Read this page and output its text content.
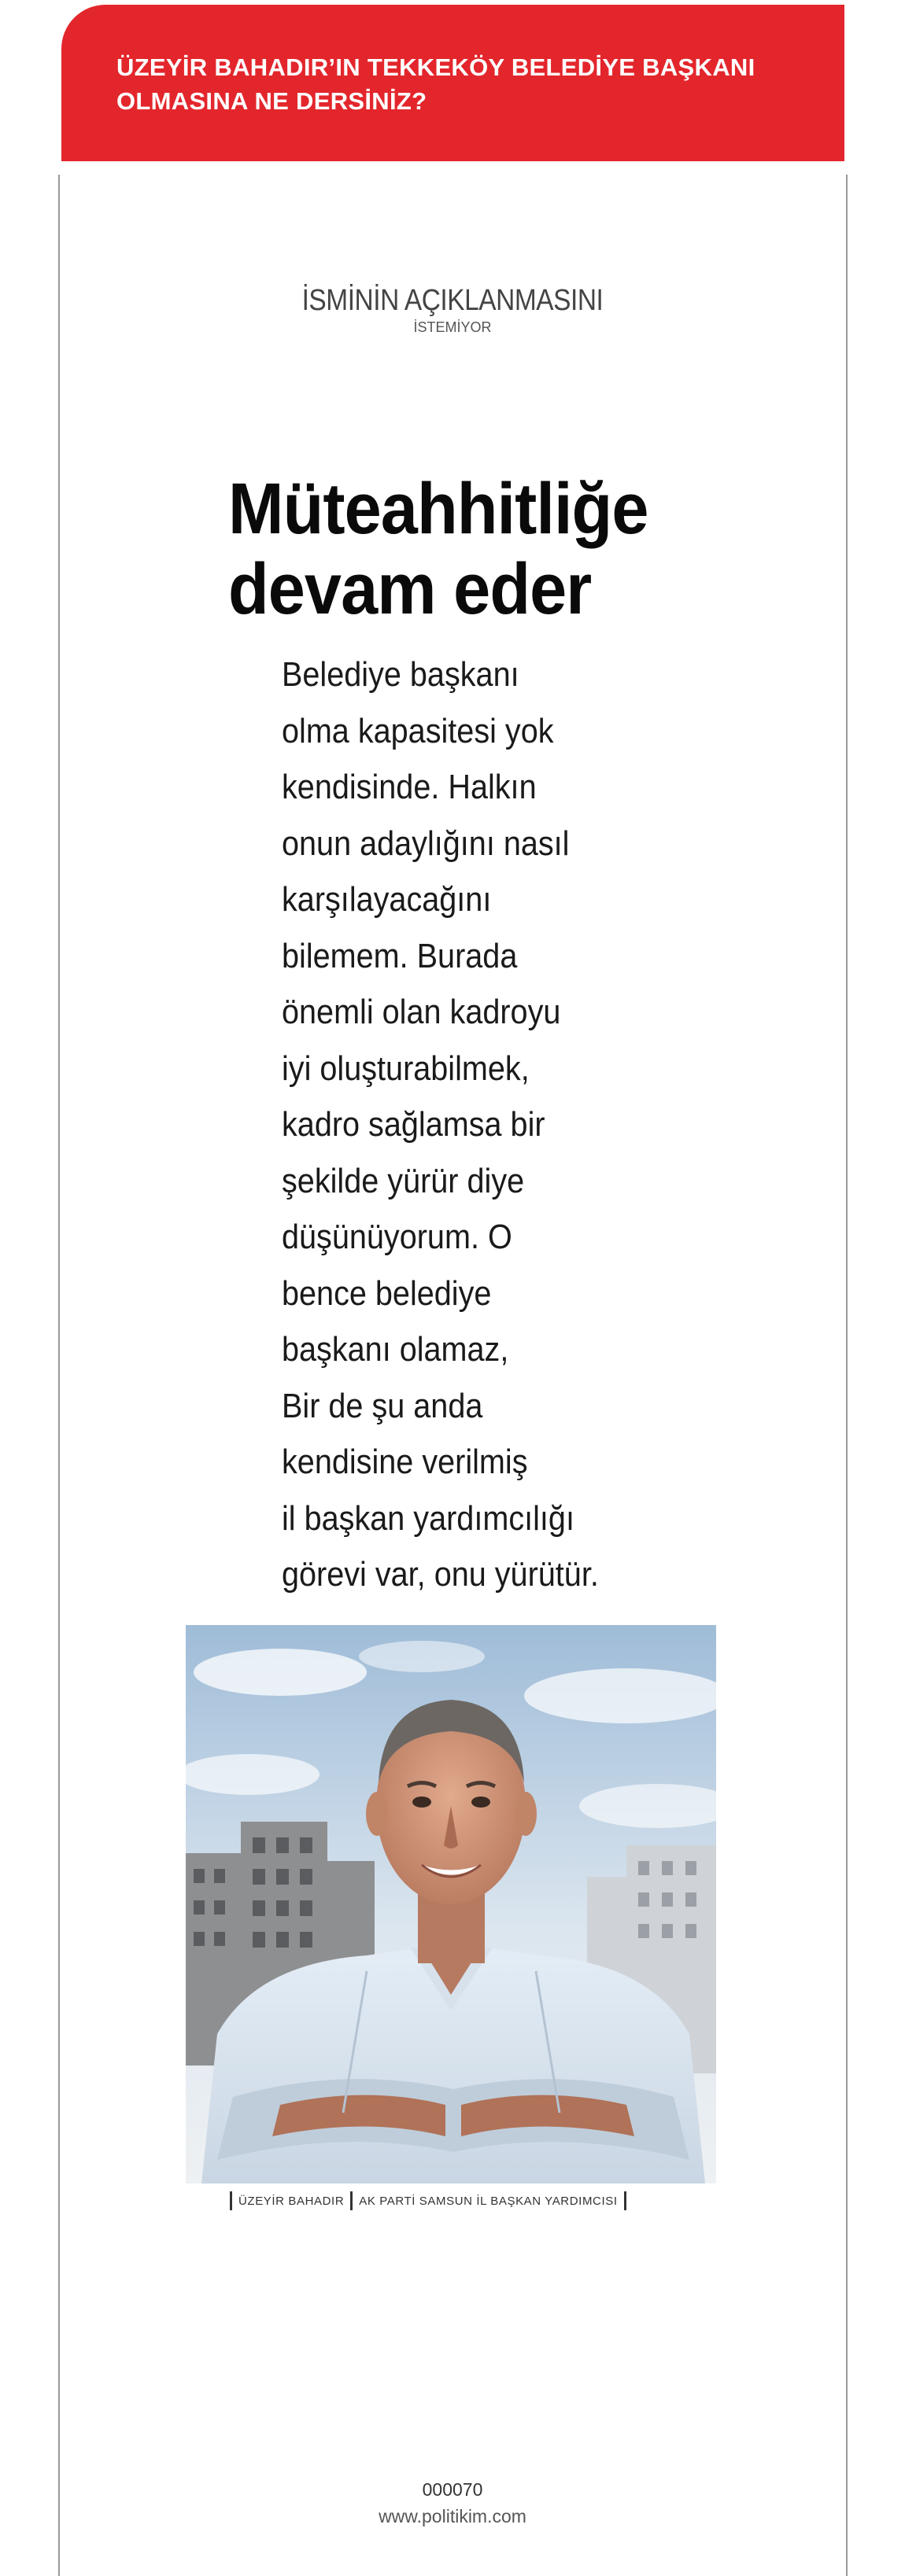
ÜZEYİR BAHADIR’IN TEKKEKÖY BELEDİYE BAŞKANI
OLMASINA NE DERSİNİZ?

İSMİNİN AÇIKLANMASINI
İSTEMİYOR
Müteahhitliğe
devam eder
Belediye başkanı
olma kapasitesi yok
kendisinde. Halkın
onun adaylığını nasıl
karşılayacağını
bilemem. Burada
önemli olan kadroyu
iyi oluşturabilmek,
kadro sağlamsa bir
şekilde yürür diye
düşünüyorum. O
bence belediye
başkanı olamaz,
Bir de şu anda
kendisine verilmiş
il başkan yardımcılığı
görevi var, onu yürütür.
ÜZEYİR BAHADIR AK PARTİ SAMSUN İL BAŞKAN YARDIMCISI
000070
www.politikim.com
